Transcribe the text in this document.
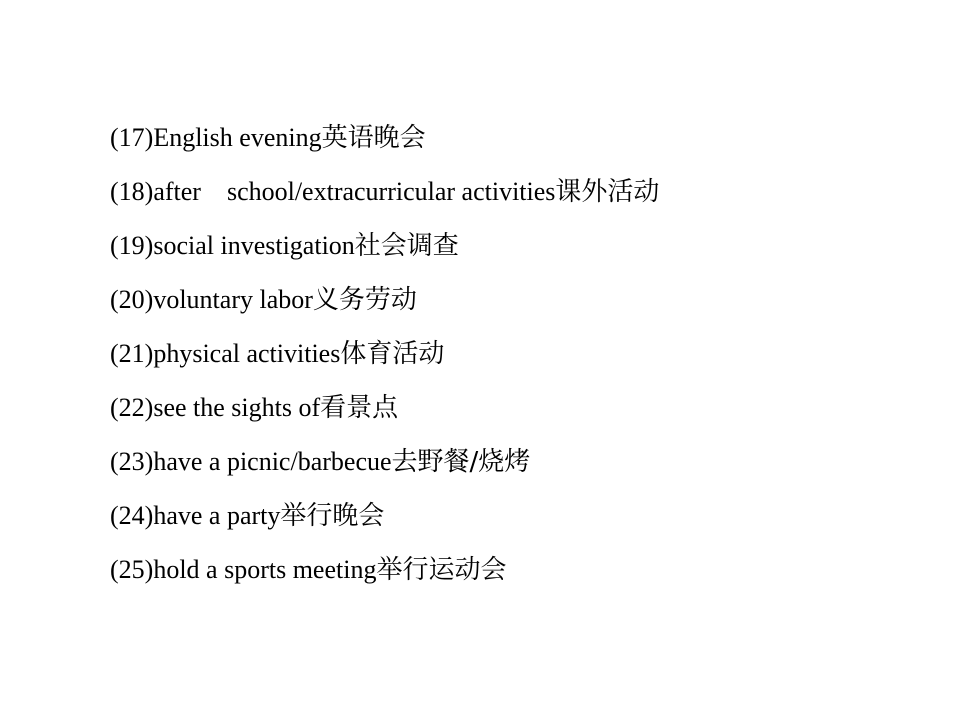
(17)English evening英语晚会
(18)after    school/extracurricular activities课外活动
(19)social investigation社会调查
(20)voluntary labor义务劳动
(21)physical activities体育活动
(22)see the sights of看景点
(23)have a picnic/barbecue去野餐/烧烤
(24)have a party举行晚会
(25)hold a sports meeting举行运动会
